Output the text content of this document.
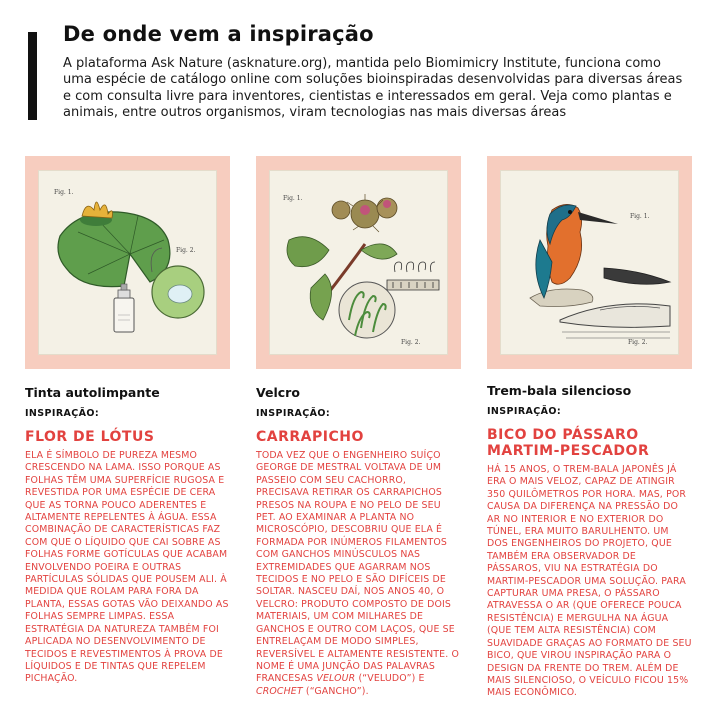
De onde vem a inspiração

A plataforma Ask Nature (asknature.org), mantida pelo Biomimicry Institute, funciona como uma espécie de catálogo online com soluções bioinspiradas desenvolvidas para diversas áreas e com consulta livre para inventores, cientistas e interessados em geral. Veja como plantas e animais, entre outros organismos, viram tecnologias nas mais diversas áreas

Fig. 1.
Fig. 2.
Tinta autolimpante

INSPIRAÇÃO:

FLOR DE LÓTUS

ELA É SÍMBOLO DE PUREZA MESMO CRESCENDO NA LAMA. ISSO PORQUE AS FOLHAS TÊM UMA SUPERFÍCIE RUGOSA E REVESTIDA POR UMA ESPÉCIE DE CERA QUE AS TORNA POUCO ADERENTES E ALTAMENTE REPELENTES À ÁGUA. ESSA COMBINAÇÃO DE CARACTERÍSTICAS FAZ COM QUE O LÍQUIDO QUE CAI SOBRE AS FOLHAS FORME GOTÍCULAS QUE ACABAM ENVOLVENDO POEIRA E OUTRAS PARTÍCULAS SÓLIDAS QUE POUSEM ALI. À MEDIDA QUE ROLAM PARA FORA DA PLANTA, ESSAS GOTAS VÃO DEIXANDO AS FOLHAS SEMPRE LIMPAS. ESSA ESTRATÉGIA DA NATUREZA TAMBÉM FOI APLICADA NO DESENVOLVIMENTO DE TECIDOS E REVESTIMENTOS À PROVA DE LÍQUIDOS E DE TINTAS QUE REPELEM PICHAÇÃO.

Fig. 1.
Fig. 2.
Velcro

INSPIRAÇÃO:

CARRAPICHO

TODA VEZ QUE O ENGENHEIRO SUÍÇO GEORGE DE MESTRAL VOLTAVA DE UM PASSEIO COM SEU CACHORRO, PRECISAVA RETIRAR OS CARRAPICHOS PRESOS NA ROUPA E NO PELO DE SEU PET. AO EXAMINAR A PLANTA NO MICROSCÓPIO, DESCOBRIU QUE ELA É FORMADA POR INÚMEROS FILAMENTOS COM GANCHOS MINÚSCULOS NAS EXTREMIDADES QUE AGARRAM NOS TECIDOS E NO PELO E SÃO DIFÍCEIS DE SOLTAR. NASCEU DAÍ, NOS ANOS 40, O VELCRO: PRODUTO COMPOSTO DE DOIS MATERIAIS, UM COM MILHARES DE GANCHOS E OUTRO COM LAÇOS, QUE SE ENTRELAÇAM DE MODO SIMPLES, REVERSÍVEL E ALTAMENTE RESISTENTE. O NOME É UMA JUNÇÃO DAS PALAVRAS FRANCESAS VELOUR (“VELUDO”) E CROCHET (“GANCHO”).

Fig. 1.
Fig. 2.
Trem-bala silencioso

INSPIRAÇÃO:

BICO DO PÁSSARO
MARTIM-PESCADOR

HÁ 15 ANOS, O TREM-BALA JAPONÊS JÁ ERA O MAIS VELOZ, CAPAZ DE ATINGIR 350 QUILÔMETROS POR HORA. MAS, POR CAUSA DA DIFERENÇA NA PRESSÃO DO AR NO INTERIOR E NO EXTERIOR DO TÚNEL, ERA MUITO BARULHENTO. UM DOS ENGENHEIROS DO PROJETO, QUE TAMBÉM ERA OBSERVADOR DE PÁSSAROS, VIU NA ESTRATÉGIA DO MARTIM-PESCADOR UMA SOLUÇÃO. PARA CAPTURAR UMA PRESA, O PÁSSARO ATRAVESSA O AR (QUE OFERECE POUCA RESISTÊNCIA) E MERGULHA NA ÁGUA (QUE TEM ALTA RESISTÊNCIA) COM SUAVIDADE GRAÇAS AO FORMATO DE SEU BICO, QUE VIROU INSPIRAÇÃO PARA O DESIGN DA FRENTE DO TREM. ALÉM DE MAIS SILENCIOSO, O VEÍCULO FICOU 15% MAIS ECONÔMICO.
